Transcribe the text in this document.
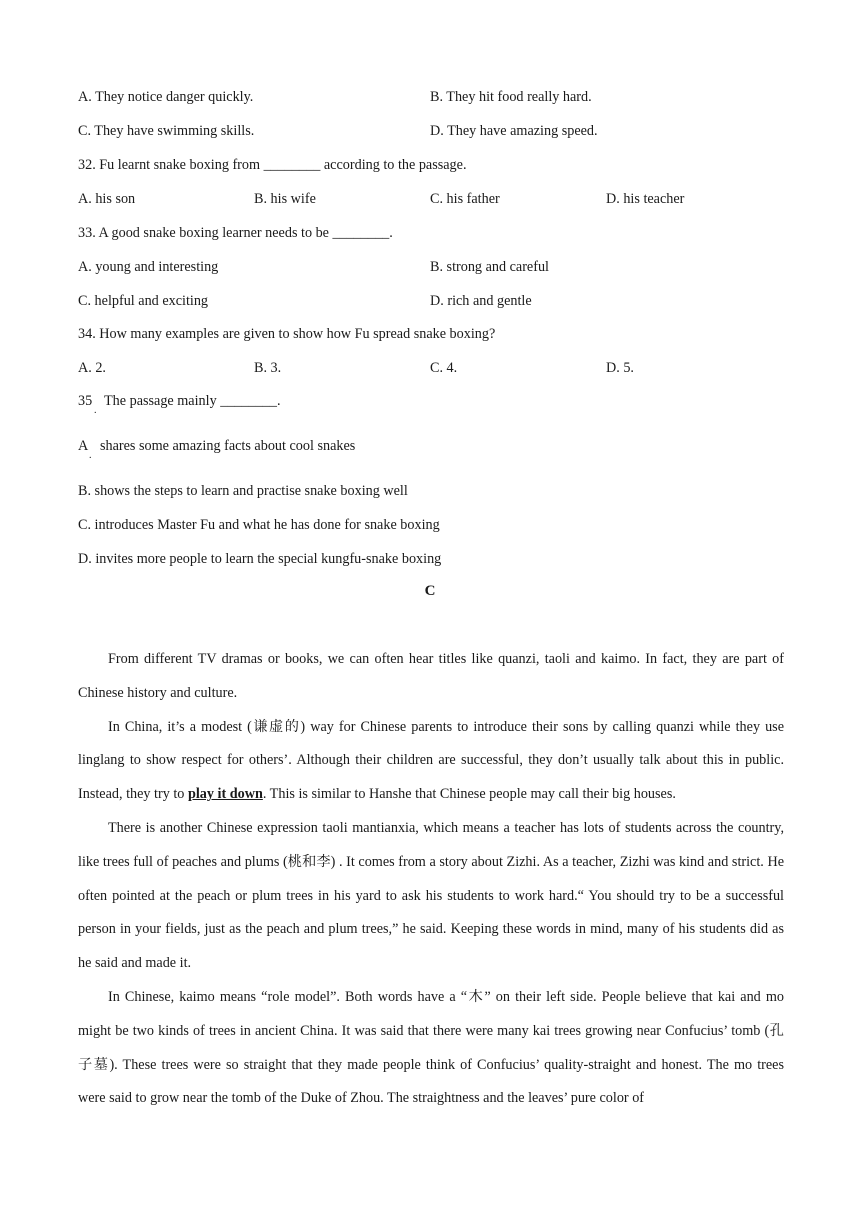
A. They notice danger quickly.	B. They hit food really hard.
C. They have swimming skills.	D. They have amazing speed.
32. Fu learnt snake boxing from ________ according to the passage.
A. his son	B. his wife	C. his father	D. his teacher
33. A good snake boxing learner needs to be ________.
A. young and interesting	B. strong and careful
C. helpful and exciting	D. rich and gentle
34. How many examples are given to show how Fu spread snake boxing?
A. 2.	B. 3.	C. 4.	D. 5.
35
.
The passage mainly ________.
A
.
shares some amazing facts about cool snakes
B. shows the steps to learn and practise snake boxing well
C. introduces Master Fu and what he has done for snake boxing
D. invites more people to learn the special kungfu-snake boxing
C

From different TV dramas or books, we can often hear titles like quanzi, taoli and kaimo. In fact, they are part of Chinese history and culture.

In China, it’s a modest (谦虚的) way for Chinese parents to introduce their sons by calling quanzi while they use linglang to show respect for others’. Although their children are successful, they don’t usually talk about this in public. Instead, they try to play it down. This is similar to Hanshe that Chinese people may call their big houses.

There is another Chinese expression taoli mantianxia, which means a teacher has lots of students across the country, like trees full of peaches and plums (桃和李) . It comes from a story about Zizhi. As a teacher, Zizhi was kind and strict. He often pointed at the peach or plum trees in his yard to ask his students to work hard.“ You should try to be a successful person in your fields, just as the peach and plum trees,” he said. Keeping these words in mind, many of his students did as he said and made it.

In Chinese, kaimo means “role model”. Both words have a “木” on their left side. People believe that kai and mo might be two kinds of trees in ancient China. It was said that there were many kai trees growing near Confucius’ tomb (孔子墓). These trees were so straight that they made people think of Confucius’ quality-straight and honest. The mo trees were said to grow near the tomb of the Duke of Zhou. The straightness and the leaves’ pure color of
